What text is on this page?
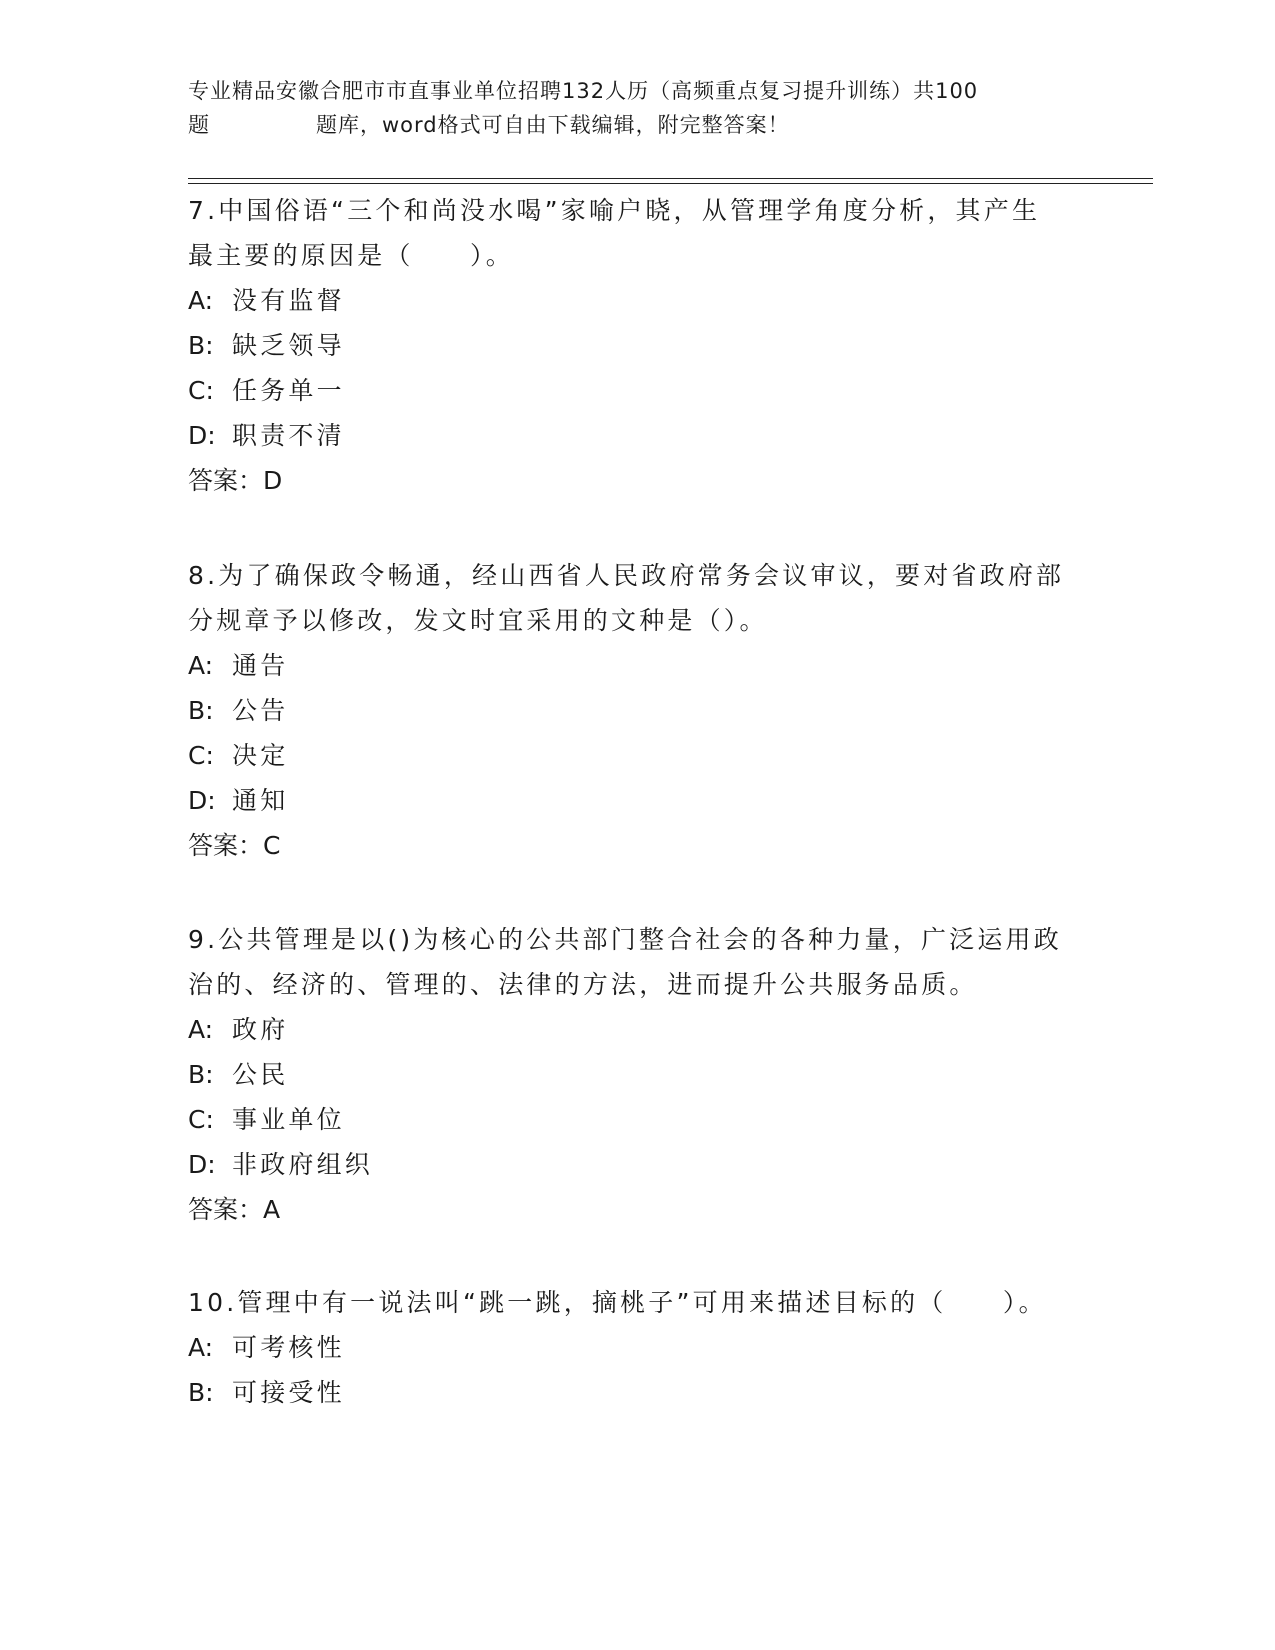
专业精品安徽合肥市市直事业单位招聘132人历（高频重点复习提升训练）共100
题	题库，word格式可自由下载编辑，附完整答案！
7.中国俗语“三个和尚没水喝”家喻户晓，从管理学角度分析，其产生最主要的原因是（　　）。
A: 没有监督
B: 缺乏领导
C: 任务单一
D: 职责不清
答案：D
8.为了确保政令畅通，经山西省人民政府常务会议审议，要对省政府部分规章予以修改，发文时宜采用的文种是（）。
A: 通告
B: 公告
C: 决定
D: 通知
答案：C
9.公共管理是以()为核心的公共部门整合社会的各种力量，广泛运用政治的、经济的、管理的、法律的方法，进而提升公共服务品质。
A: 政府
B: 公民
C: 事业单位
D: 非政府组织
答案：A
10.管理中有一说法叫“跳一跳，摘桃子”可用来描述目标的（　　）。
A: 可考核性
B: 可接受性
